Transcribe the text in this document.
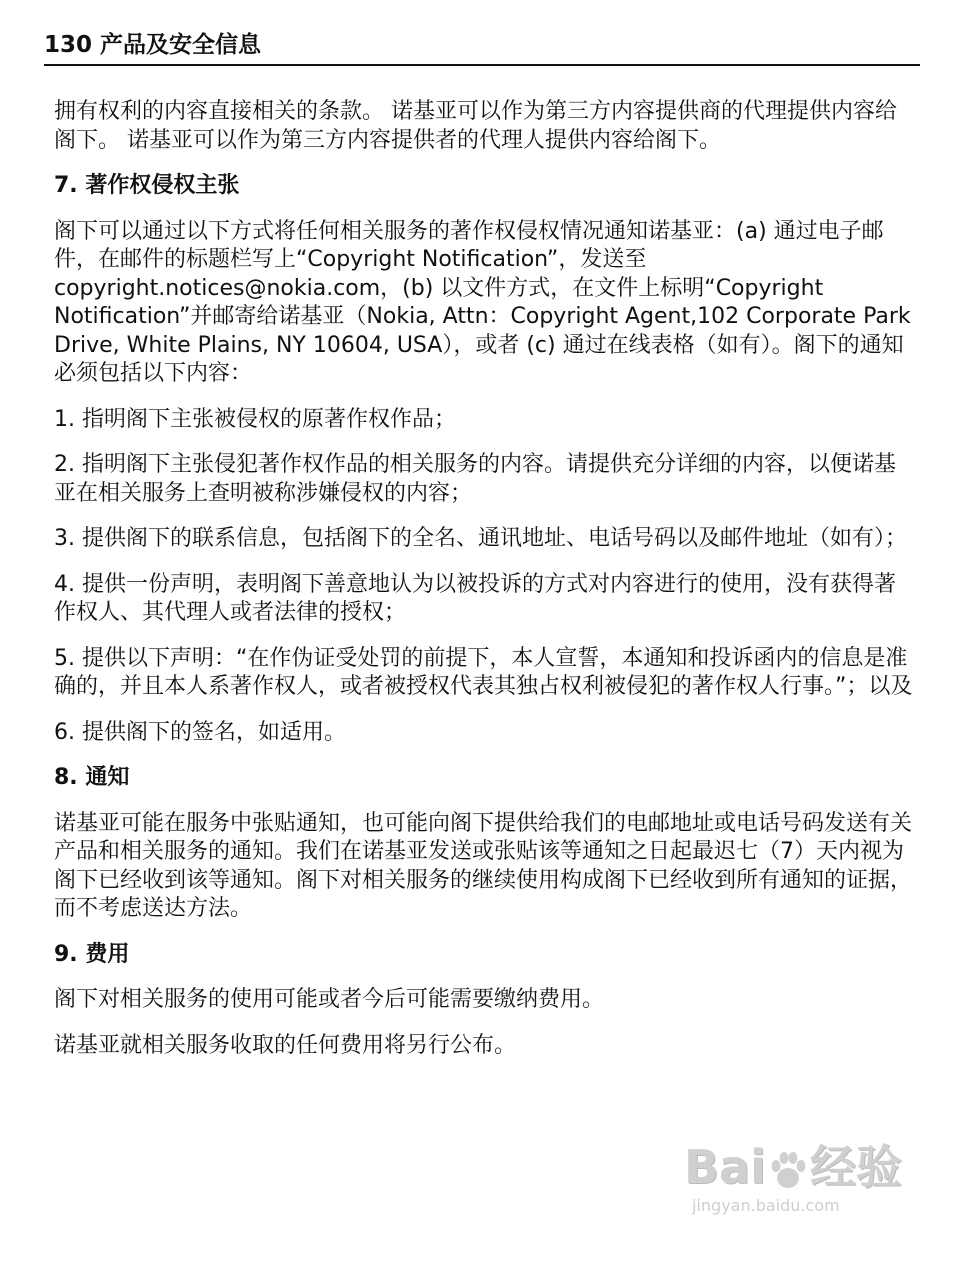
130 产品及安全信息

拥有权利的内容直接相关的条款。 诺基亚可以作为第三方内容提供商的代理提供内容给阁下。 诺基亚可以作为第三方内容提供者的代理人提供内容给阁下。

7. 著作权侵权主张

阁下可以通过以下方式将任何相关服务的著作权侵权情况通知诺基亚：(a) 通过电子邮件，在邮件的标题栏写上“Copyright Notification”，发送至 copyright.notices@nokia.com，(b) 以文件方式，在文件上标明“Copyright Notification”并邮寄给诺基亚（Nokia, Attn：Copyright Agent,102 Corporate Park Drive, White Plains, NY 10604, USA），或者 (c) 通过在线表格（如有）。阁下的通知必须包括以下内容：

1. 指明阁下主张被侵权的原著作权作品；

2. 指明阁下主张侵犯著作权作品的相关服务的内容。请提供充分详细的内容，以便诺基亚在相关服务上查明被称涉嫌侵权的内容；

3. 提供阁下的联系信息，包括阁下的全名、通讯地址、电话号码以及邮件地址（如有）；

4. 提供一份声明，表明阁下善意地认为以被投诉的方式对内容进行的使用，没有获得著作权人、其代理人或者法律的授权；

5. 提供以下声明：“在作伪证受处罚的前提下，本人宣誓，本通知和投诉函内的信息是准确的，并且本人系著作权人，或者被授权代表其独占权利被侵犯的著作权人行事。”；以及

6. 提供阁下的签名，如适用。

8. 通知

诺基亚可能在服务中张贴通知，也可能向阁下提供给我们的电邮地址或电话号码发送有关产品和相关服务的通知。我们在诺基亚发送或张贴该等通知之日起最迟七（7）天内视为阁下已经收到该等通知。阁下对相关服务的继续使用构成阁下已经收到所有通知的证据，而不考虑送达方法。

9. 费用

阁下对相关服务的使用可能或者今后可能需要缴纳费用。

诺基亚就相关服务收取的任何费用将另行公布。

Bai 经验
jingyan.baidu.com
